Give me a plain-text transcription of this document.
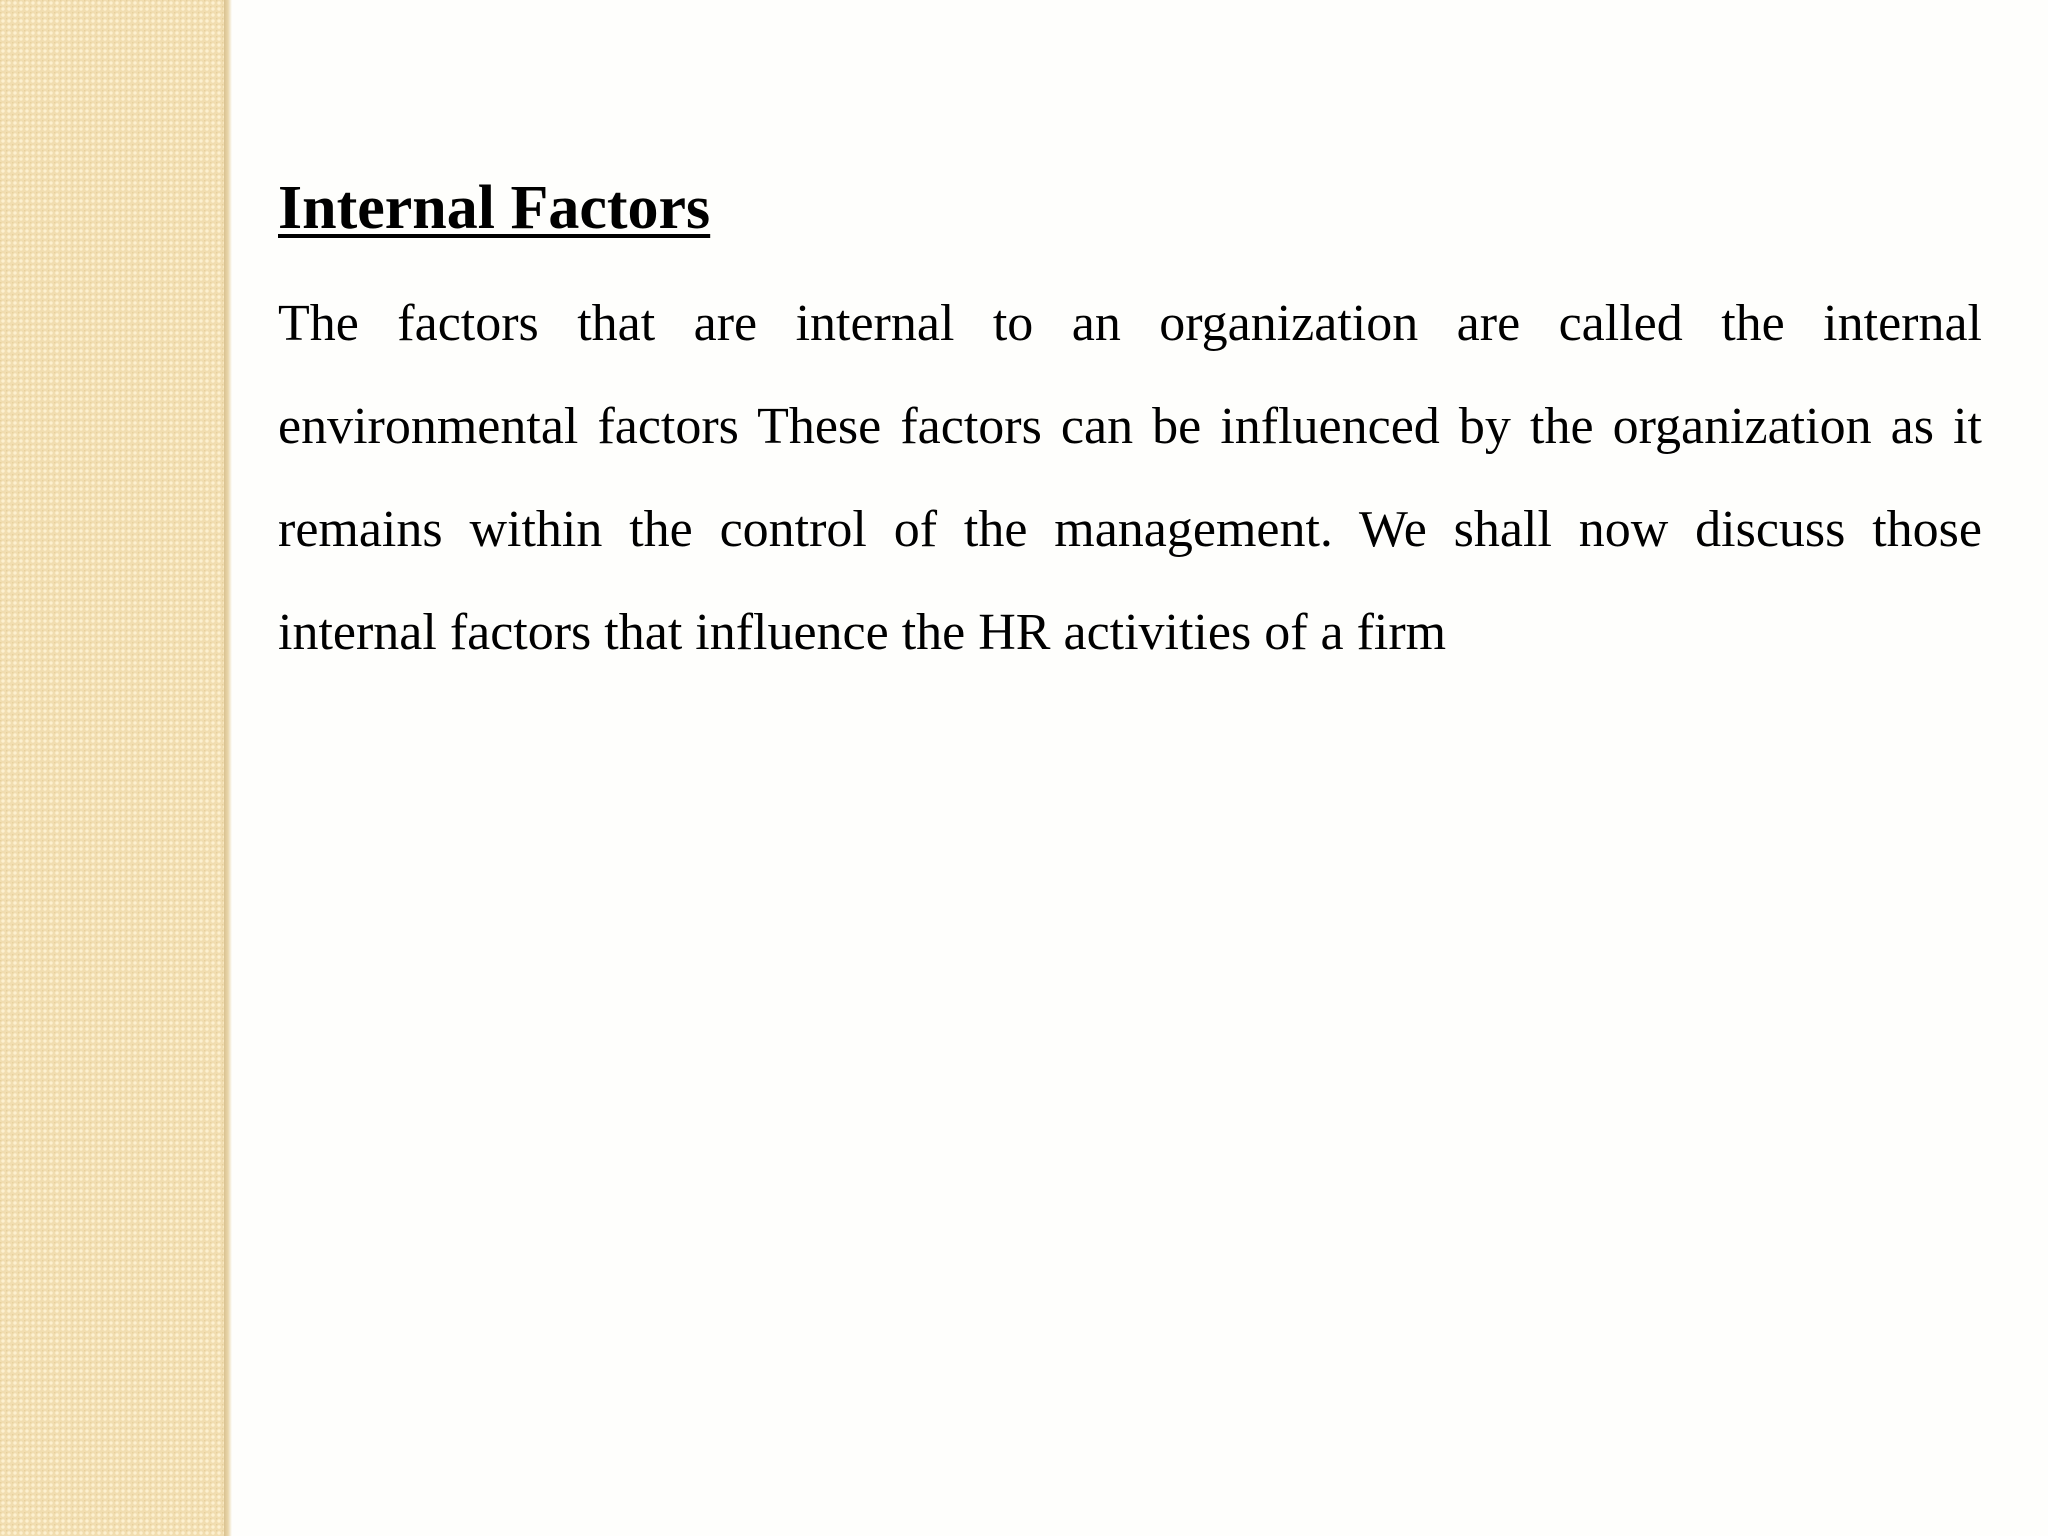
Internal Factors

The factors that are internal to an organization are called the internal environmental factors These factors can be influenced by the organization as it remains within the control of the management. We shall now discuss those internal factors that influence the HR activities of a firm
